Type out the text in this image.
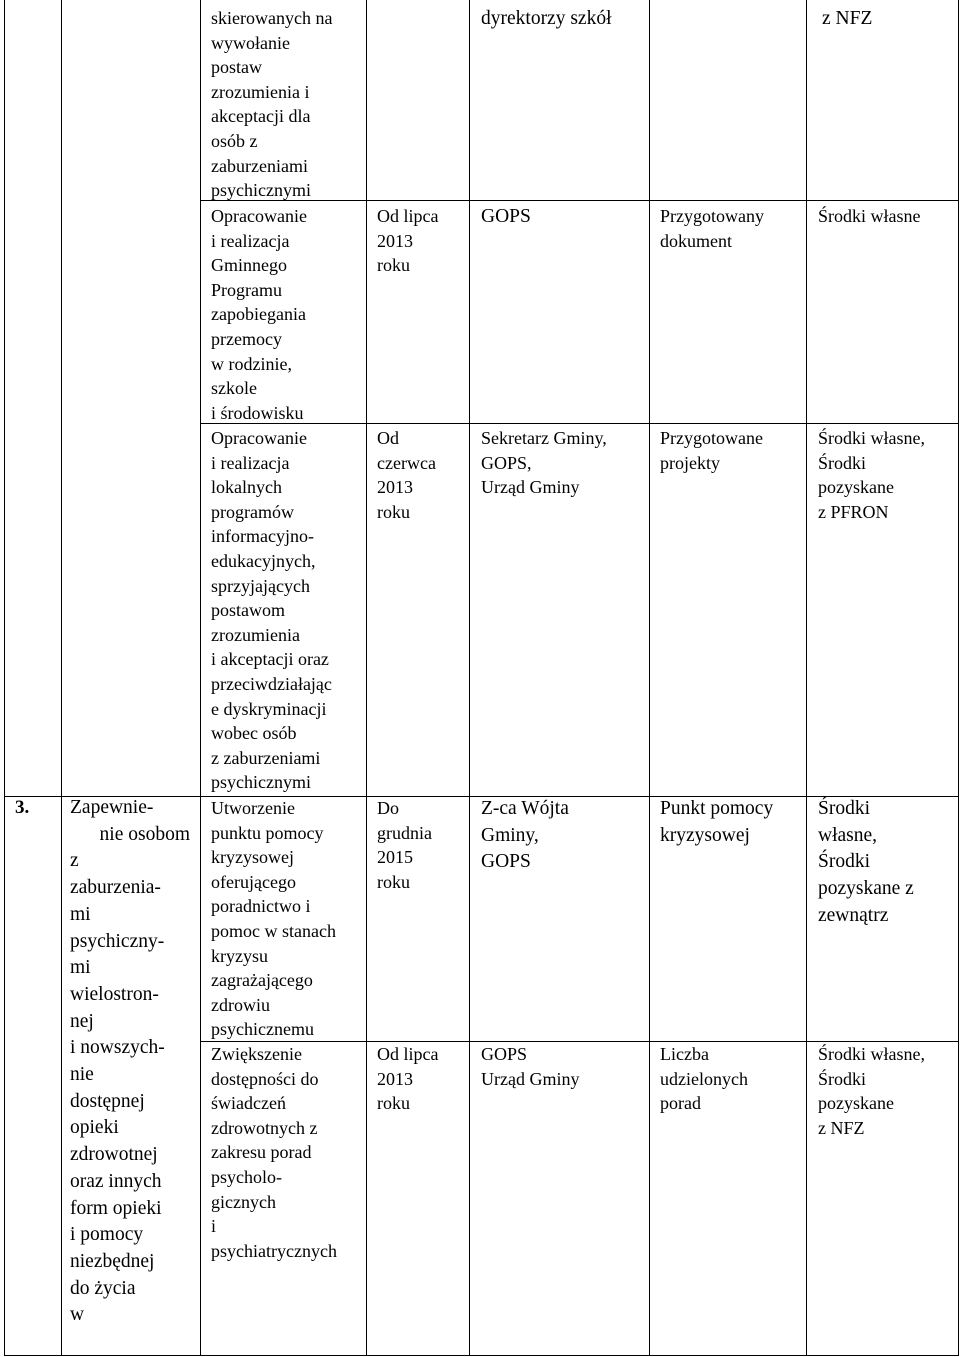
skierowanych na
wywołanie
postaw
zrozumienia i
akceptacji dla
osób z
zaburzeniami
psychicznymi
dyrektorzy szkół	z NFZ
3. Zapewnie-
nie osobom
z
zaburzenia-
mi
psychiczny-
mi
wielostron-
nej
i nowszych-
nie
dostępnej
opieki
zdrowotnej
oraz innych
form opieki
i pomocy
niezbędnej
do życia
w
Opracowanie
i realizacja
Gminnego
Programu
zapobiegania
przemocy
w rodzinie,
szkole
i środowisku
Od lipca
2013
roku
GOPS	Przygotowany
dokument
Środki własne
Opracowanie
i realizacja
lokalnych
programów
informacyjno-
edukacyjnych,
sprzyjających
postawom
zrozumienia
i akceptacji oraz
przeciwdziałając
e dyskryminacji
wobec osób
z zaburzeniami
psychicznymi
Od
czerwca
2013
roku
Sekretarz Gminy,
GOPS,
Urząd Gminy
Przygotowane
projekty
Środki własne,
Środki
pozyskane
z PFRON
Utworzenie
punktu pomocy
kryzysowej
oferującego
poradnictwo i
pomoc w stanach
kryzysu
zagrażającego
zdrowiu
psychicznemu
Do
grudnia
2015
roku
Z-ca Wójta
Gminy,
GOPS
Punkt pomocy
kryzysowej
Środki
własne,
Środki
pozyskane z
zewnątrz
Zwiększenie
dostępności do
świadczeń
zdrowotnych z
zakresu porad
psycholo-
gicznych
i
psychiatrycznych
Od lipca
2013
roku
GOPS
Urząd Gminy
Liczba
udzielonych
porad
Środki własne,
Środki
pozyskane
z NFZ
